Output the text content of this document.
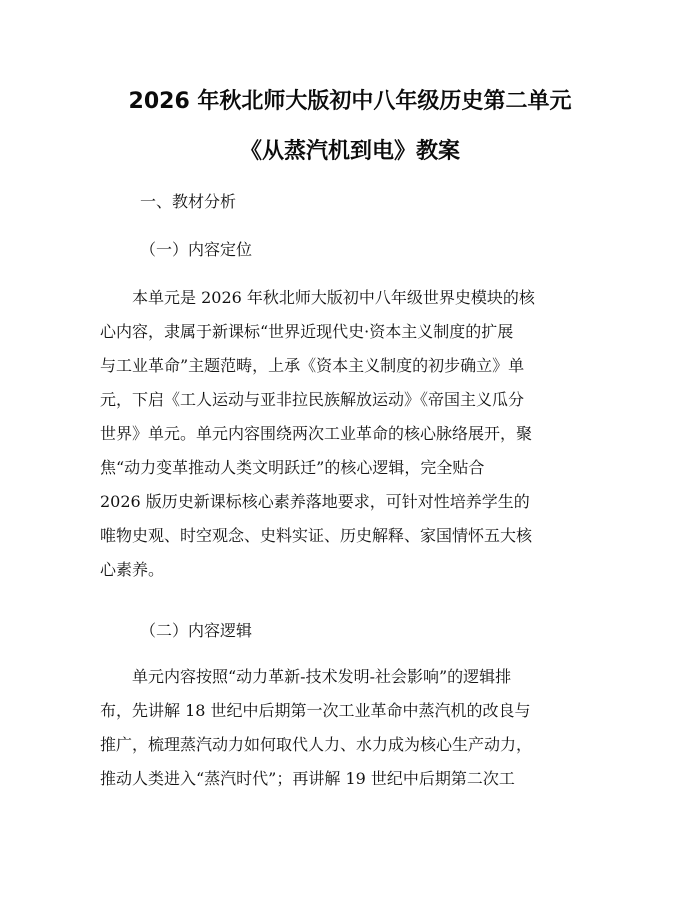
2026 年秋北师大版初中八年级历史第二单元
《从蒸汽机到电》教案
一、教材分析
（一）内容定位
　　本单元是 2026 年秋北师大版初中八年级世界史模块的核
心内容，隶属于新课标“世界近现代史·资本主义制度的扩展
与工业革命”主题范畴，上承《资本主义制度的初步确立》单
元，下启《工人运动与亚非拉民族解放运动》《帝国主义瓜分
世界》单元。单元内容围绕两次工业革命的核心脉络展开，聚
焦“动力变革推动人类文明跃迁”的核心逻辑，完全贴合
2026 版历史新课标核心素养落地要求，可针对性培养学生的
唯物史观、时空观念、史料实证、历史解释、家国情怀五大核
心素养。
（二）内容逻辑
　　单元内容按照“动力革新-技术发明-社会影响”的逻辑排
布，先讲解 18 世纪中后期第一次工业革命中蒸汽机的改良与
推广，梳理蒸汽动力如何取代人力、水力成为核心生产动力，
推动人类进入“蒸汽时代”；再讲解 19 世纪中后期第二次工
